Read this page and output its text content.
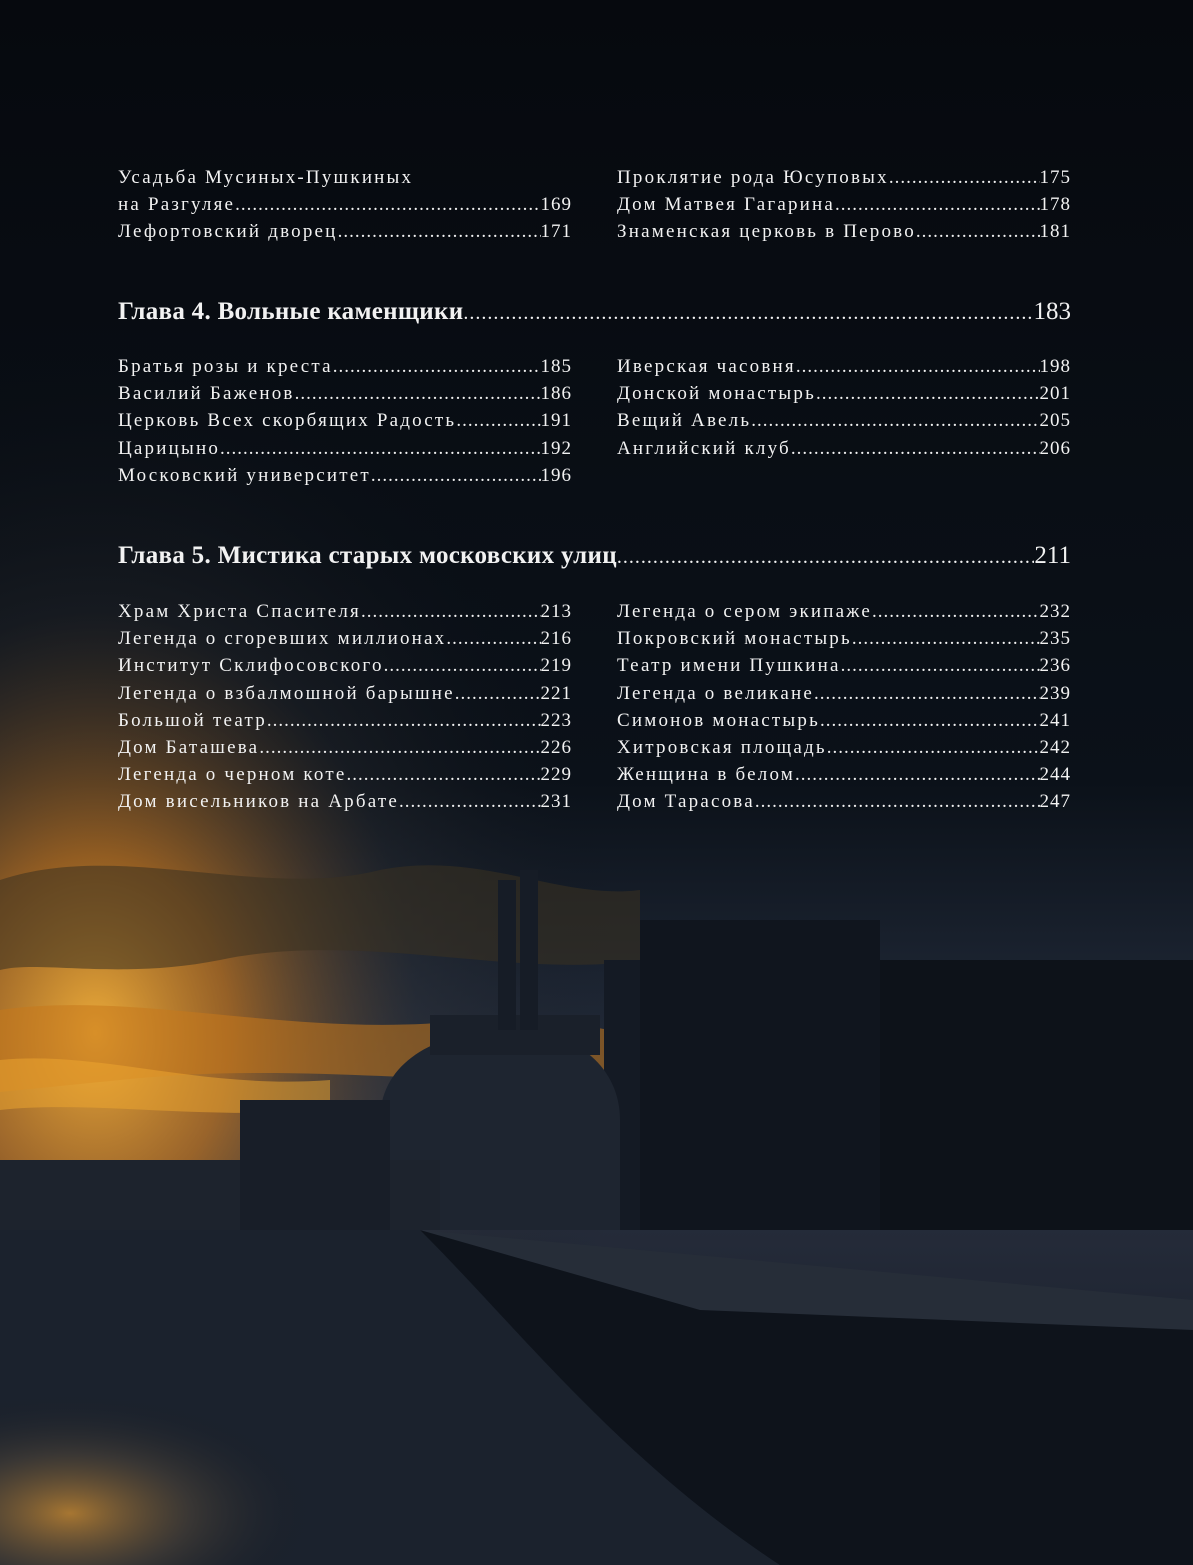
Усадьба Мусиных-Пушкиных
на Разгуляе .....	169
Лефортовский дворец .....	171
Проклятие рода Юсуповых .....	175
Дом Матвея Гагарина .....	178
Знаменская церковь в Перово .....	181
Глава 4. Вольные каменщики .....	183
Братья розы и креста .....	185
Василий Баженов .....	186
Церковь Всех скорбящих Радость .....	191
Царицыно .....	192
Московский университет .....	196
Иверская часовня .....	198
Донской монастырь .....	201
Вещий Авель .....	205
Английский клуб .....	206
Глава 5. Мистика старых московских улиц .....	211
Храм Христа Спасителя .....	213
Легенда о сгоревших миллионах .....	216
Институт Склифосовского .....	219
Легенда о взбалмошной барышне .....	221
Большой театр .....	223
Дом Баташева .....	226
Легенда о черном коте .....	229
Дом висельников на Арбате .....	231
Легенда о сером экипаже .....	232
Покровский монастырь .....	235
Театр имени Пушкина .....	236
Легенда о великане .....	239
Симонов монастырь .....	241
Хитровская площадь .....	242
Женщина в белом .....	244
Дом Тарасова .....	247
